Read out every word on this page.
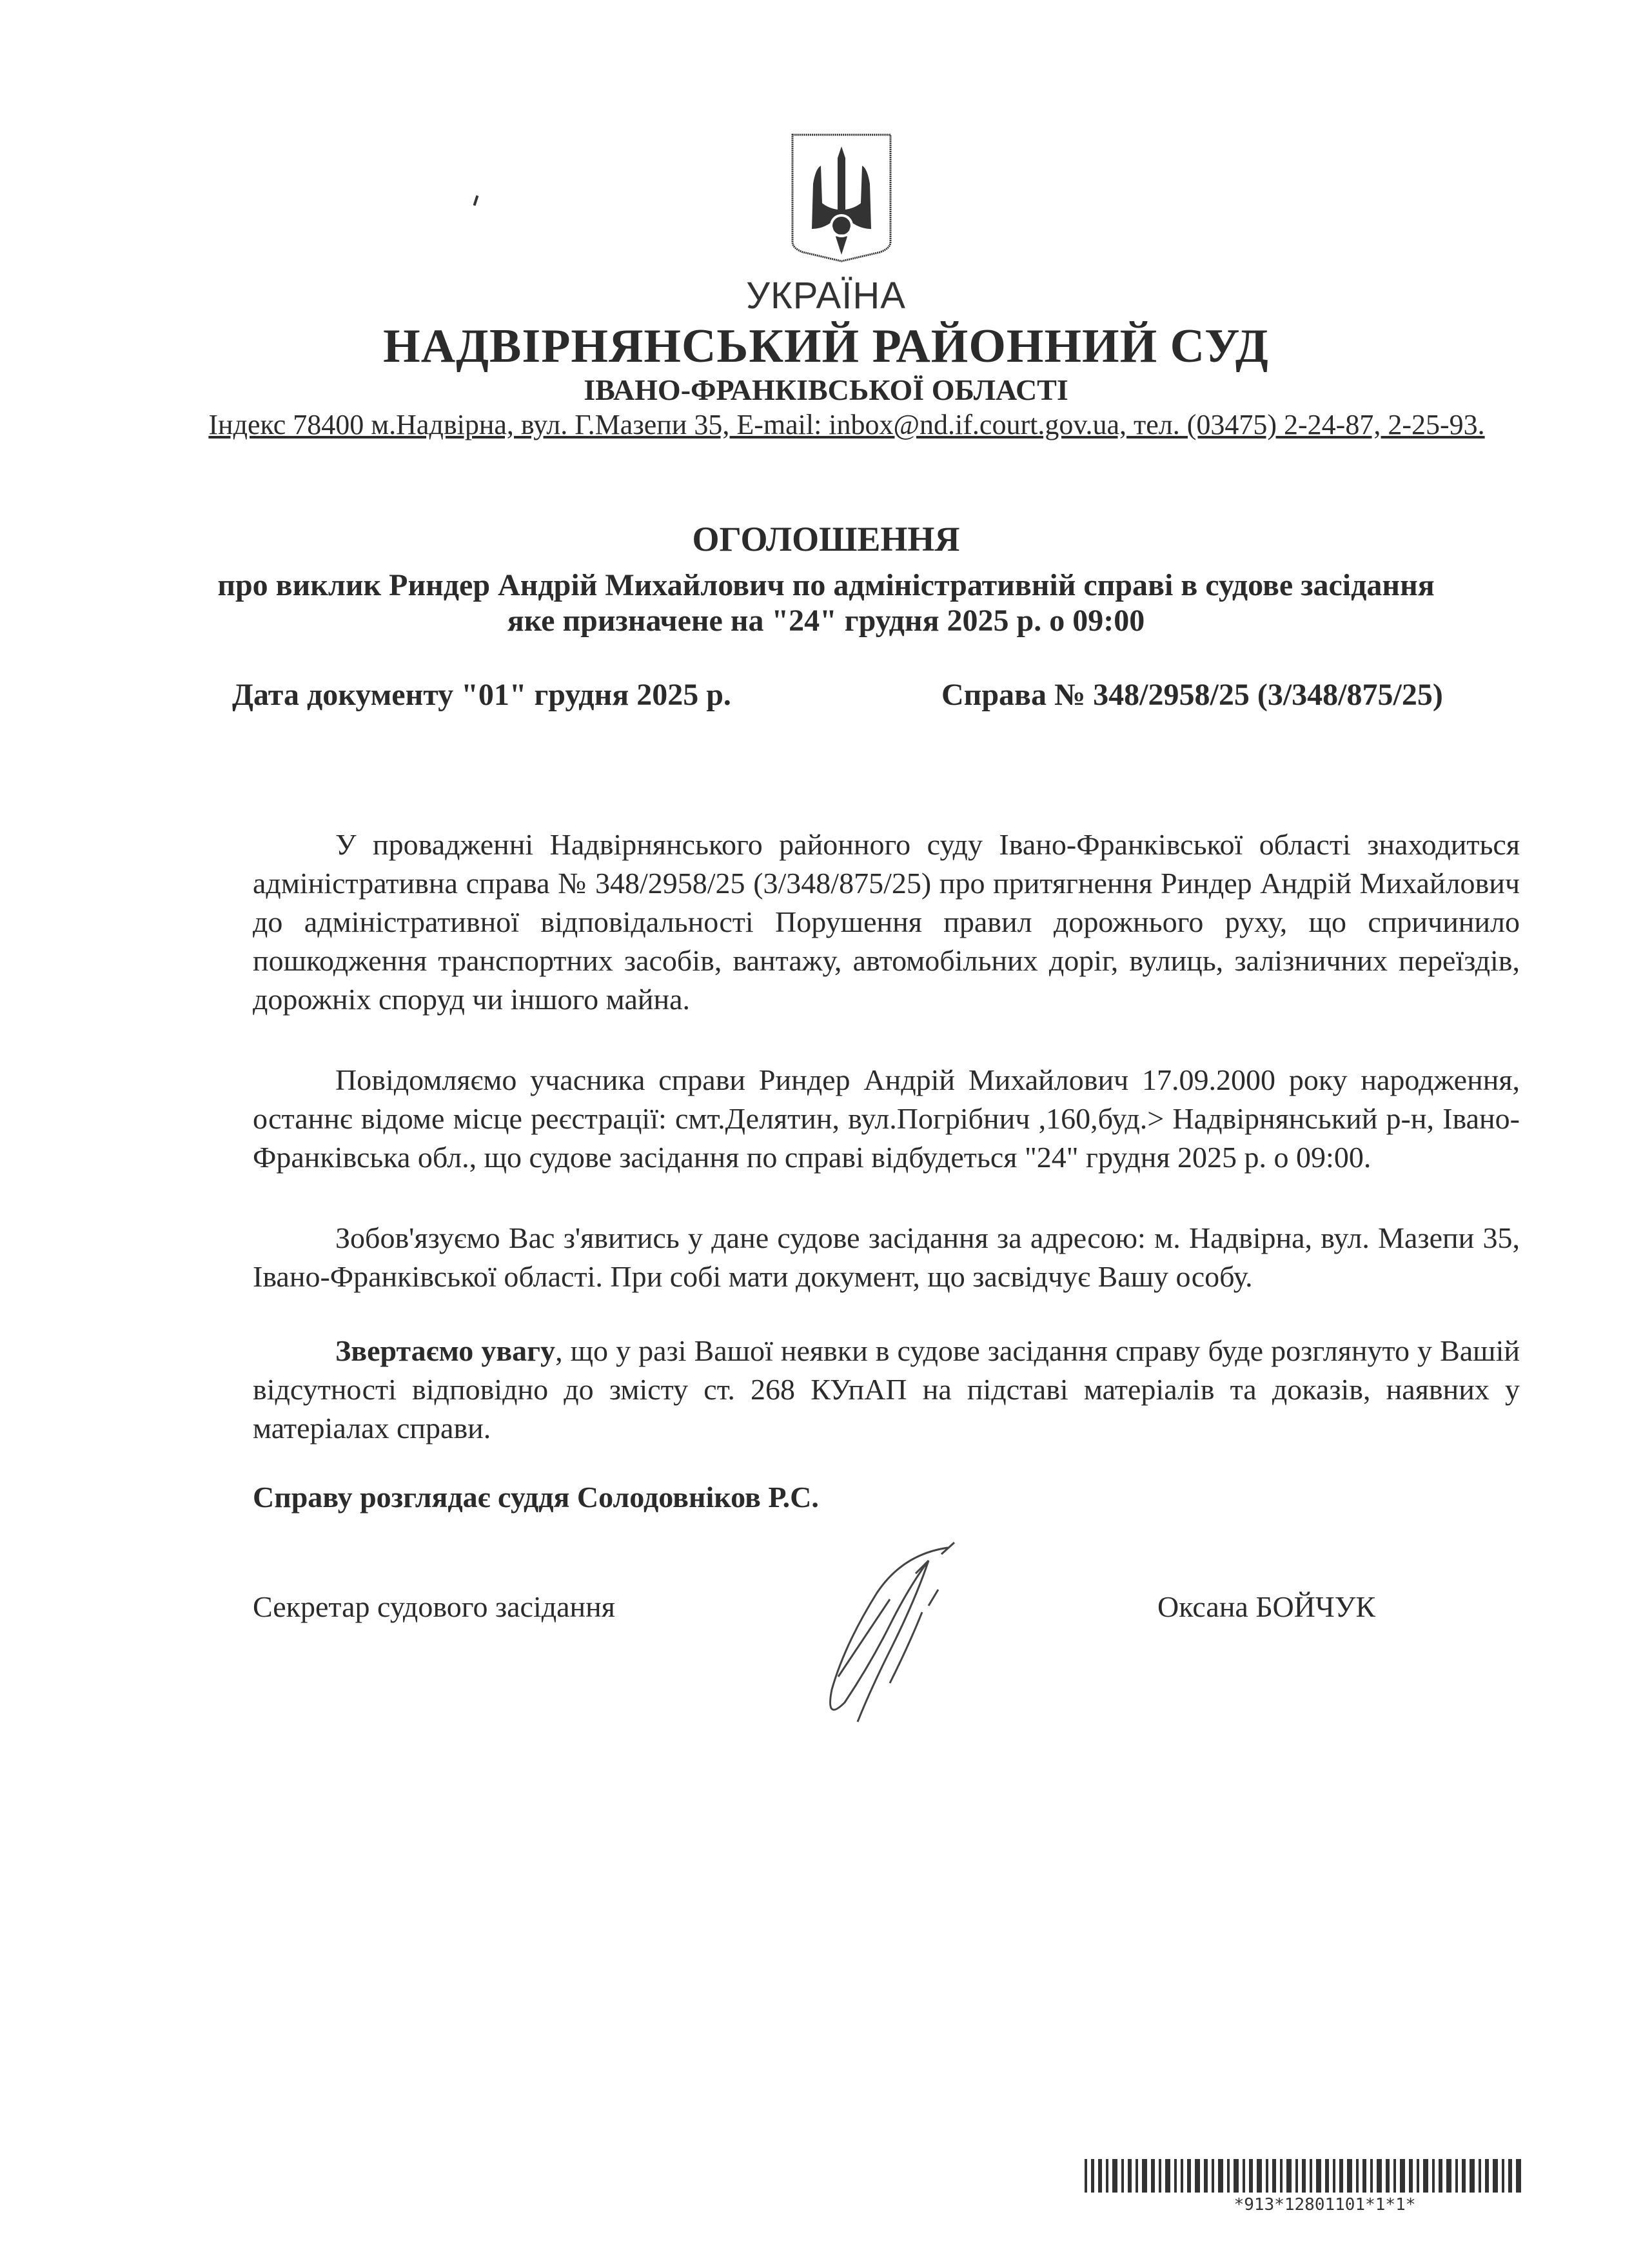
УКРАЇНА
НАДВІРНЯНСЬКИЙ РАЙОННИЙ СУД
ІВАНО-ФРАНКІВСЬКОЇ ОБЛАСТІ
Індекс 78400 м.Надвірна, вул. Г.Мазепи 35, E-mail: inbox@nd.if.court.gov.ua, тел. (03475) 2-24-87, 2-25-93.
ОГОЛОШЕННЯ
про виклик Риндер Андрій Михайлович по адміністративній справі в судове засідання
яке призначене на "24" грудня 2025 р. о 09:00
Дата документу "01" грудня 2025 р.	Справа № 348/2958/25 (3/348/875/25)

У провадженні Надвірнянського районного суду Івано-Франківської області знаходиться адміністративна справа № 348/2958/25 (3/348/875/25) про притягнення Риндер Андрій Михайлович до адміністративної відповідальності Порушення правил дорожнього руху, що спричинило пошкодження транспортних засобів, вантажу, автомобільних доріг, вулиць, залізничних переїздів, дорожніх споруд чи іншого майна.

Повідомляємо учасника справи Риндер Андрій Михайлович 17.09.2000 року народження, останнє відоме місце реєстрації: смт.Делятин, вул.Погрібнич ,160,буд.> Надвірнянський р-н, Івано-Франківська обл., що судове засідання по справі відбудеться "24" грудня 2025 р. о 09:00.

Зобов'язуємо Вас з'явитись у дане судове засідання за адресою: м. Надвірна, вул. Мазепи 35, Івано-Франківської області. При собі мати документ, що засвідчує Вашу особу.

Звертаємо увагу, що у разі Вашої неявки в судове засідання справу буде розглянуто у Вашій відсутності відповідно до змісту ст. 268 КУпАП на підставі матеріалів та доказів, наявних у матеріалах справи.

Справу розглядає суддя Солодовніков Р.С.
Секретар судового засідання	Оксана БОЙЧУК
*913*12801101*1*1*
